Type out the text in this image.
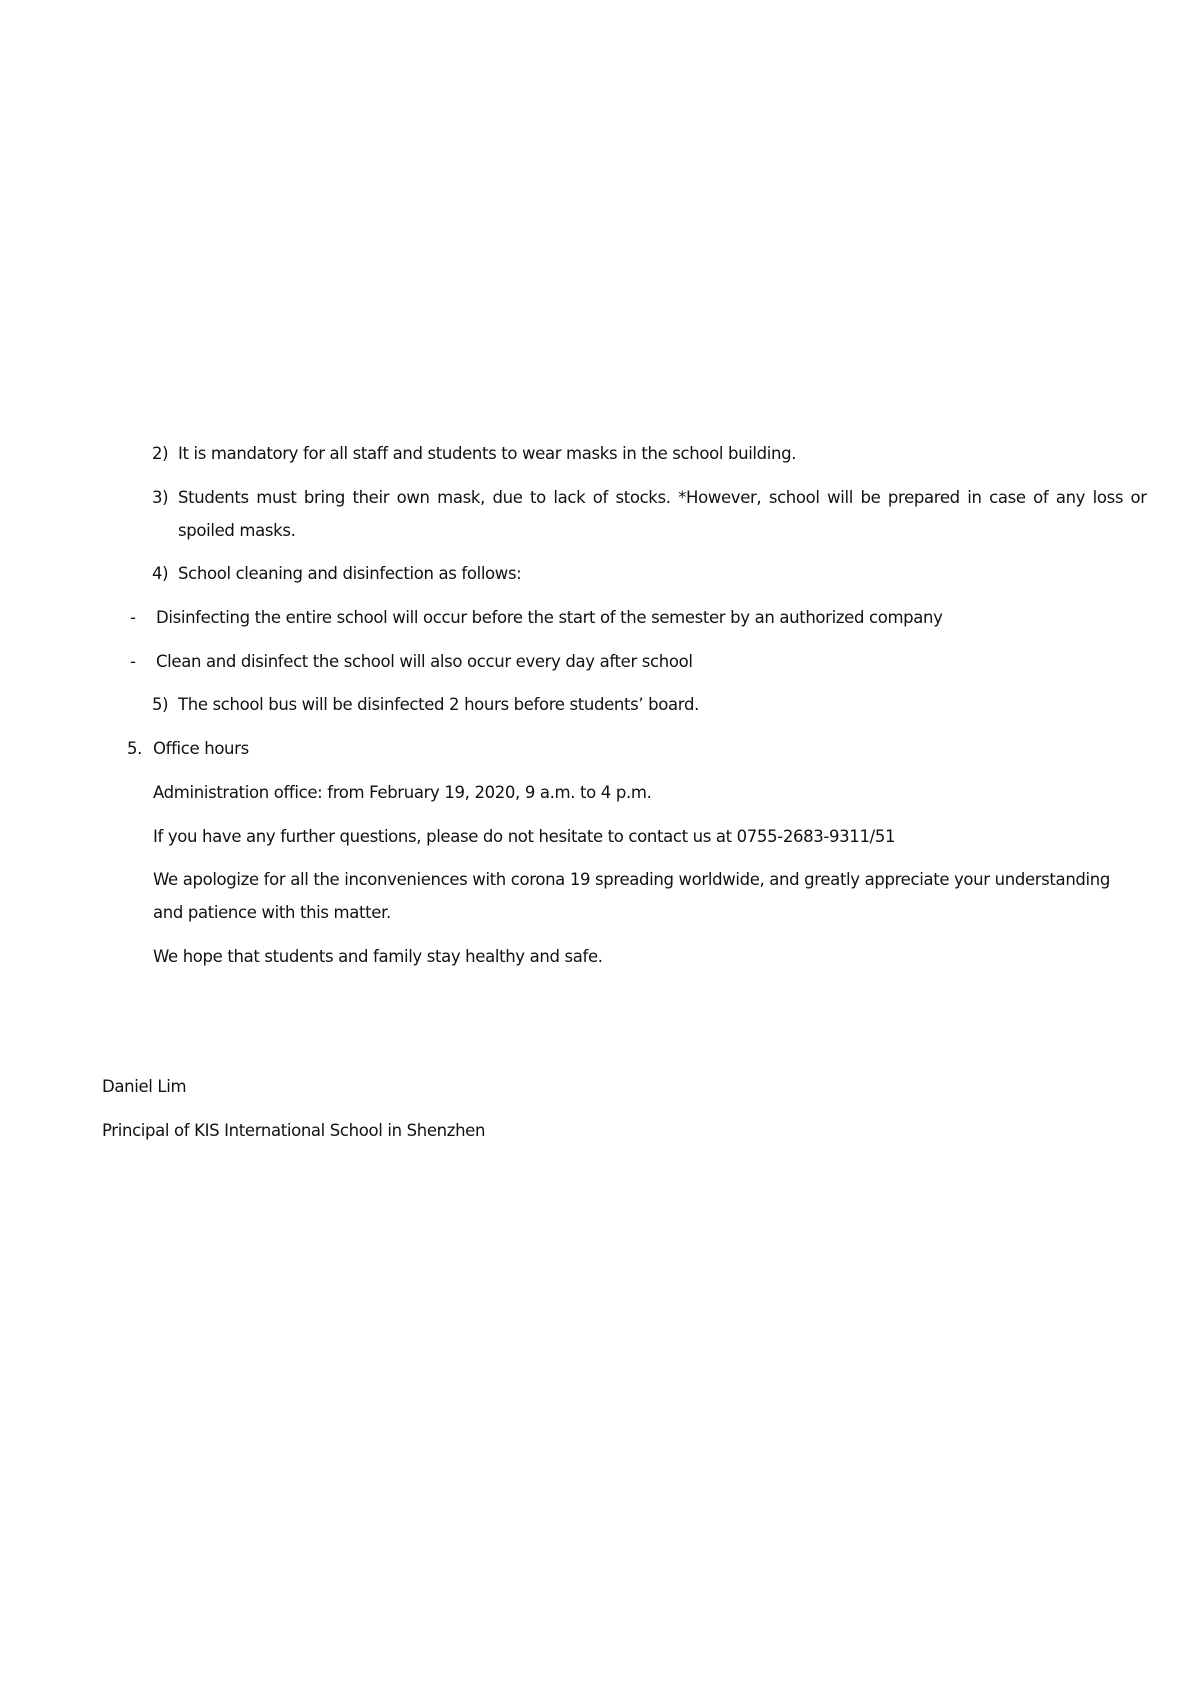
2) It is mandatory for all staff and students to wear masks in the school building.
3) Students must bring their own mask, due to lack of stocks. *However, school will be prepared in case of any loss or
spoiled masks.
4) School cleaning and disinfection as follows:
- Disinfecting the entire school will occur before the start of the semester by an authorized company
- Clean and disinfect the school will also occur every day after school
5) The school bus will be disinfected 2 hours before students’ board.
5. Office hours
Administration office: from February 19, 2020, 9 a.m. to 4 p.m.
If you have any further questions, please do not hesitate to contact us at 0755-2683-9311/51
We apologize for all the inconveniences with corona 19 spreading worldwide, and greatly appreciate your understanding
and patience with this matter.
We hope that students and family stay healthy and safe.
Daniel Lim
Principal of KIS International School in Shenzhen
